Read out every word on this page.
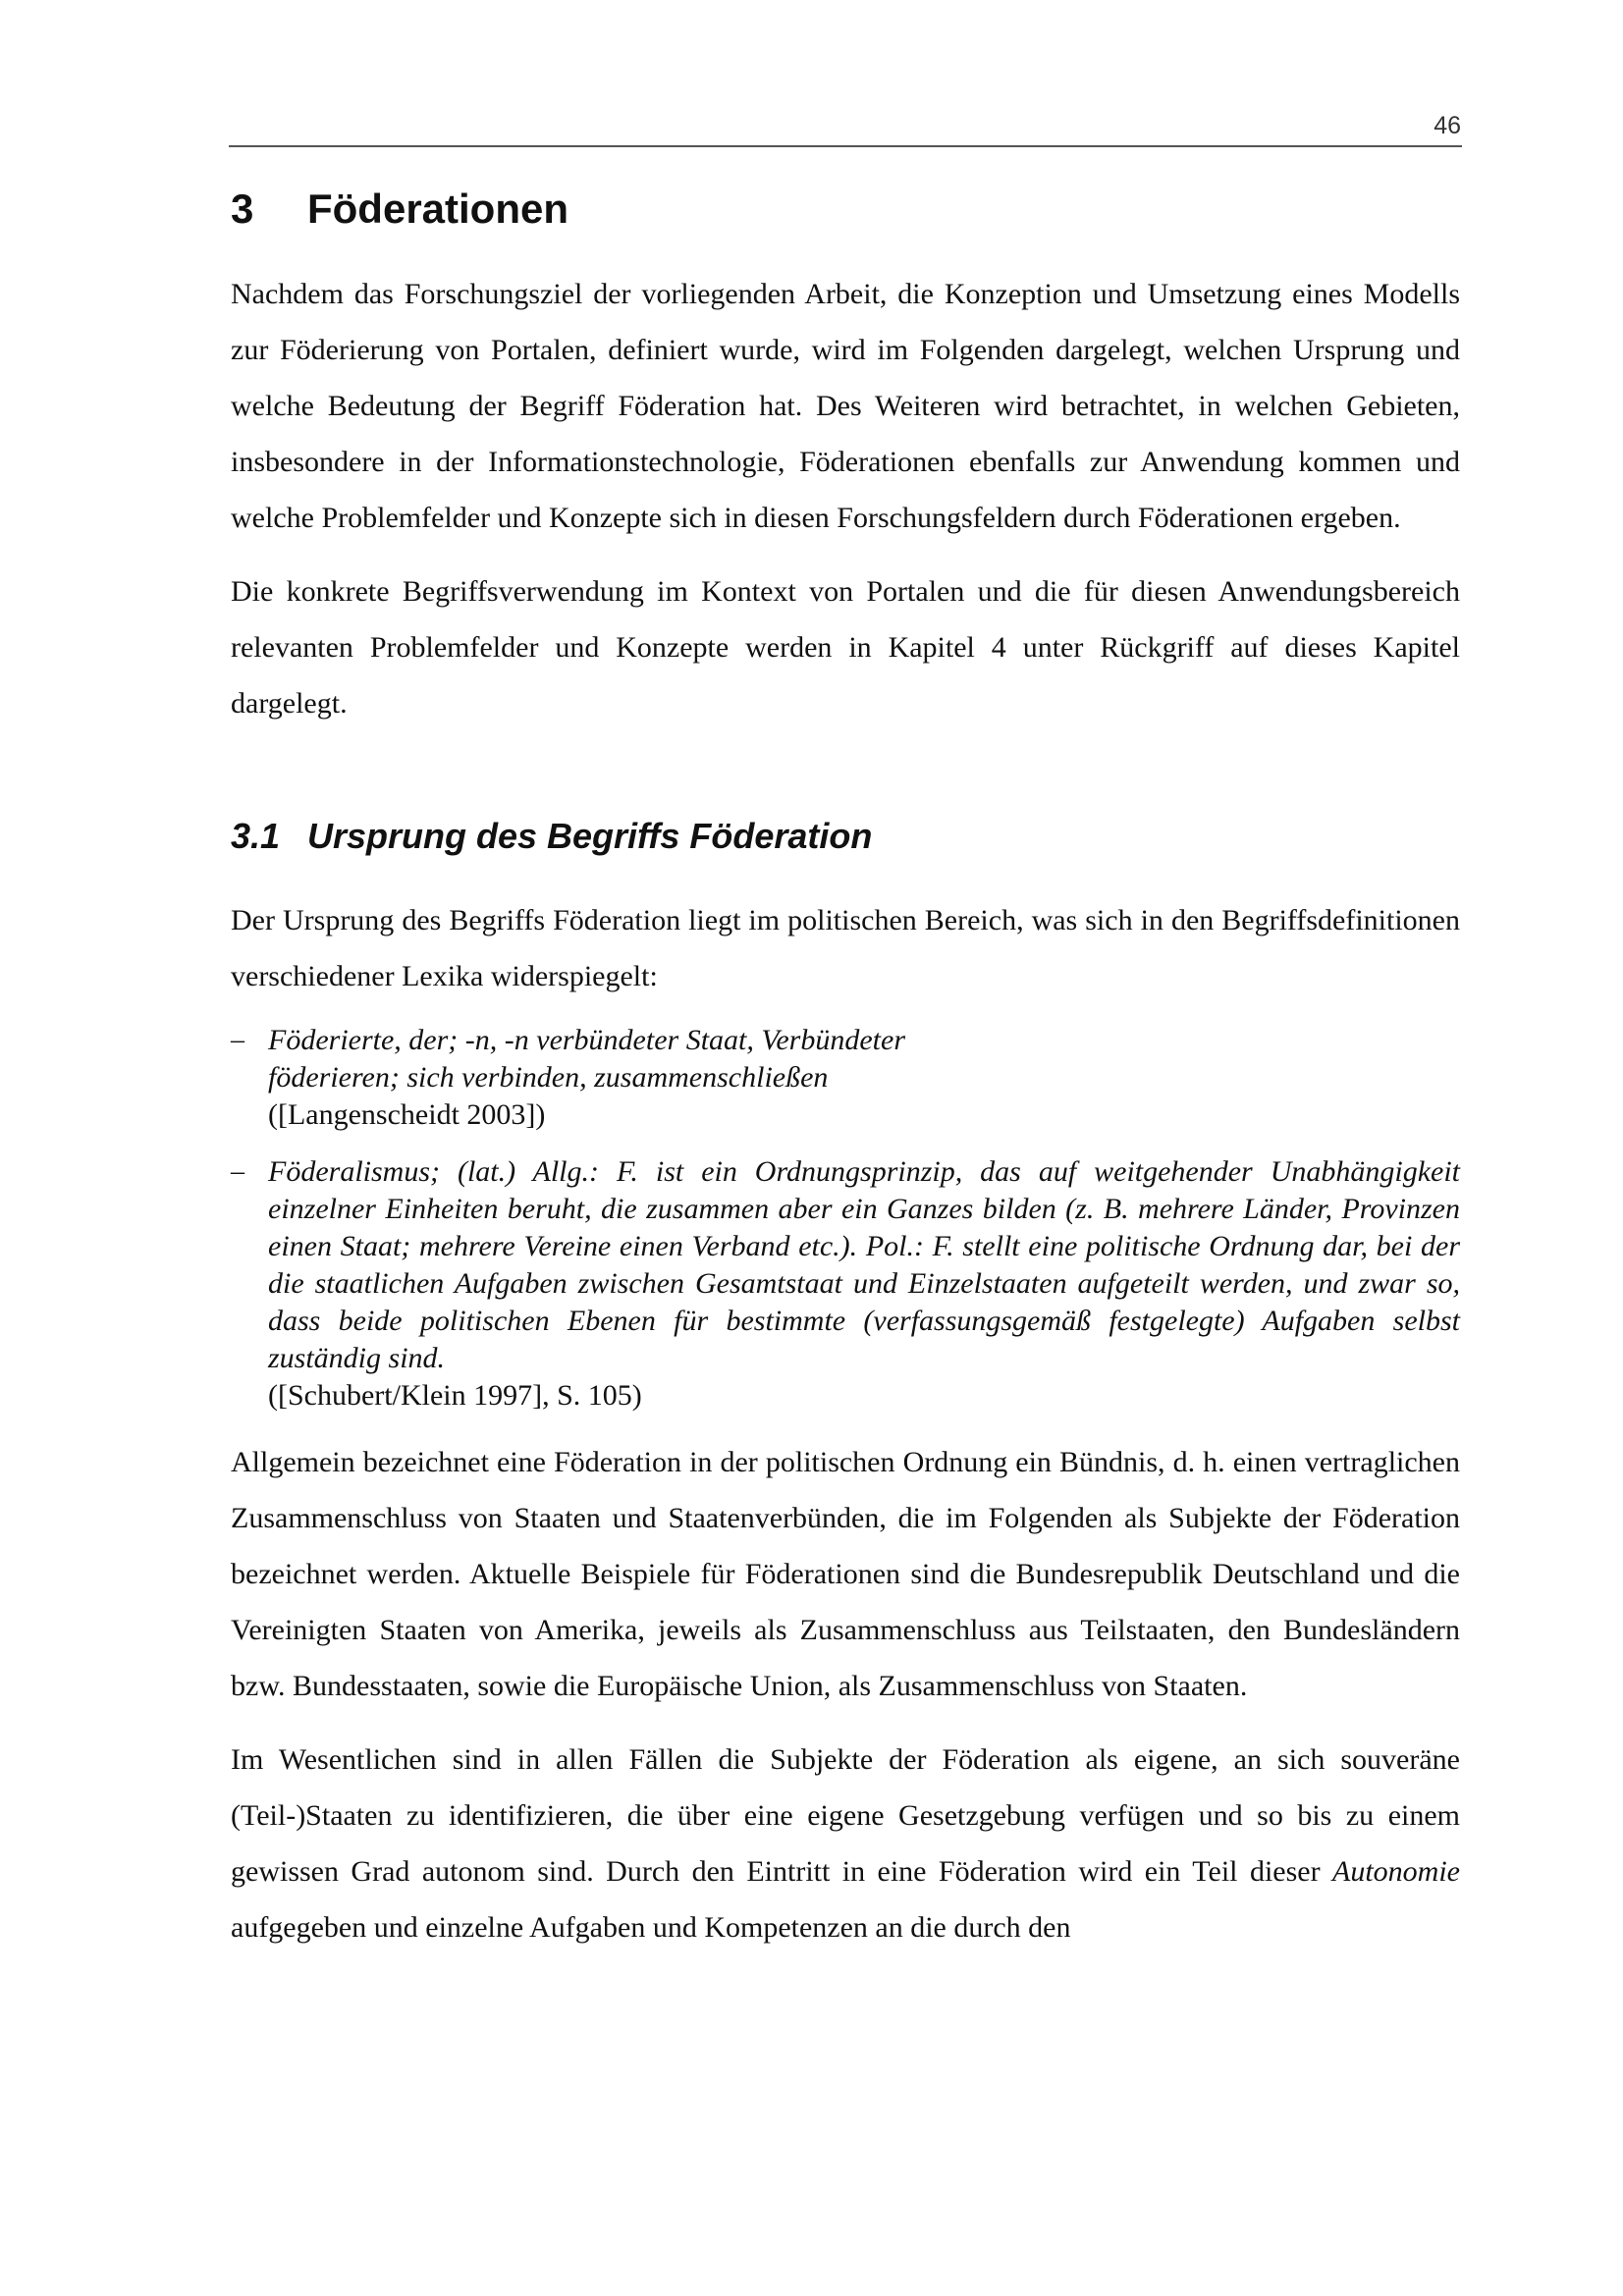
46
3 Föderationen

Nachdem das Forschungsziel der vorliegenden Arbeit, die Konzeption und Umsetzung eines Modells zur Föderierung von Portalen, definiert wurde, wird im Folgenden dargelegt, welchen Ursprung und welche Bedeutung der Begriff Föderation hat. Des Weiteren wird betrachtet, in welchen Gebieten, insbesondere in der Informationstechnologie, Föderationen ebenfalls zur Anwendung kommen und welche Problemfelder und Konzepte sich in diesen Forschungsfeldern durch Föderationen ergeben.

Die konkrete Begriffsverwendung im Kontext von Portalen und die für diesen Anwendungsbereich relevanten Problemfelder und Konzepte werden in Kapitel 4 unter Rückgriff auf dieses Kapitel dargelegt.

3.1 Ursprung des Begriffs Föderation

Der Ursprung des Begriffs Föderation liegt im politischen Bereich, was sich in den Begriffsdefinitionen verschiedener Lexika widerspiegelt:

– Föderierte, der; -n, -n verbündeter Staat, Verbündeter
föderieren; sich verbinden, zusammenschließen
([Langenscheidt 2003])
– Föderalismus; (lat.) Allg.: F. ist ein Ordnungsprinzip, das auf weitgehender Unabhängigkeit einzelner Einheiten beruht, die zusammen aber ein Ganzes bilden (z. B. mehrere Länder, Provinzen einen Staat; mehrere Vereine einen Verband etc.). Pol.: F. stellt eine politische Ordnung dar, bei der die staatlichen Aufgaben zwischen Gesamtstaat und Einzelstaaten aufgeteilt werden, und zwar so, dass beide politischen Ebenen für bestimmte (verfassungsgemäß festgelegte) Aufgaben selbst zuständig sind.
([Schubert/Klein 1997], S. 105)

Allgemein bezeichnet eine Föderation in der politischen Ordnung ein Bündnis, d. h. einen vertraglichen Zusammenschluss von Staaten und Staatenverbünden, die im Folgenden als Subjekte der Föderation bezeichnet werden. Aktuelle Beispiele für Föderationen sind die Bundesrepublik Deutschland und die Vereinigten Staaten von Amerika, jeweils als Zusammenschluss aus Teilstaaten, den Bundesländern bzw. Bundesstaaten, sowie die Europäische Union, als Zusammenschluss von Staaten.

Im Wesentlichen sind in allen Fällen die Subjekte der Föderation als eigene, an sich souveräne (Teil-)Staaten zu identifizieren, die über eine eigene Gesetzgebung verfügen und so bis zu einem gewissen Grad autonom sind. Durch den Eintritt in eine Föderation wird ein Teil dieser Autonomie aufgegeben und einzelne Aufgaben und Kompetenzen an die durch den
